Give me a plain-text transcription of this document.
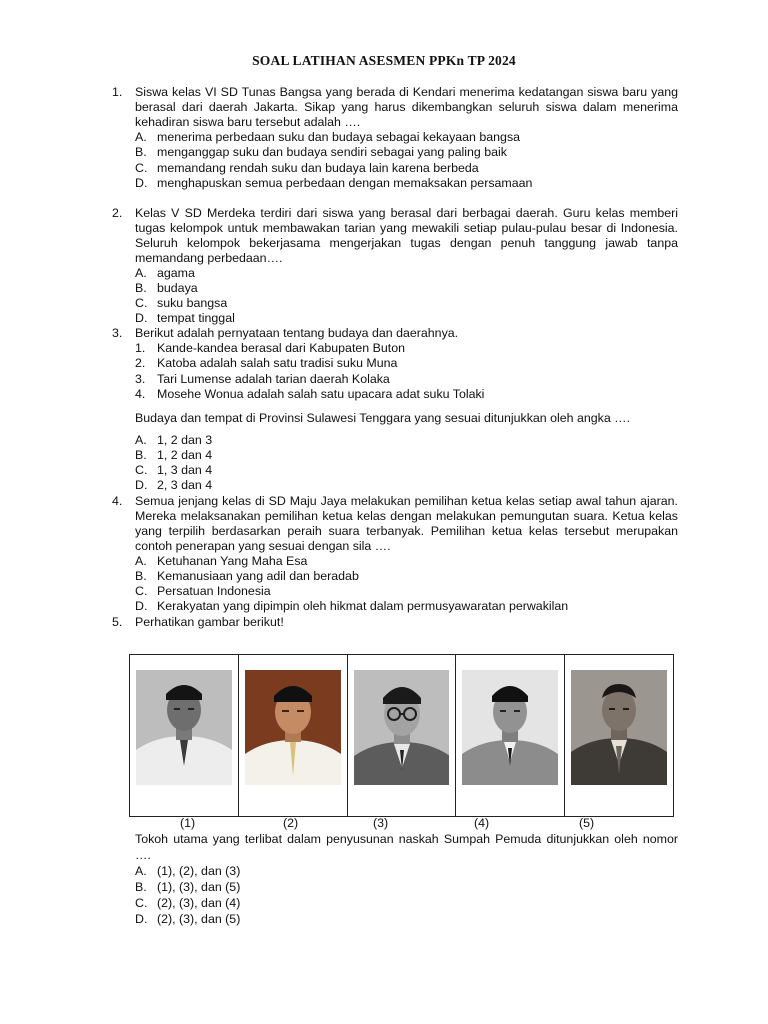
SOAL LATIHAN ASESMEN PPKn TP 2024
1. Siswa kelas VI SD Tunas Bangsa yang berada di Kendari menerima kedatangan siswa baru yang
berasal dari daerah Jakarta. Sikap yang harus dikembangkan seluruh siswa dalam menerima
kehadiran siswa baru tersebut adalah ….
A. menerima perbedaan suku dan budaya sebagai kekayaan bangsa
B. menganggap suku dan budaya sendiri sebagai yang paling baik
C. memandang rendah suku dan budaya lain karena berbeda
D. menghapuskan semua perbedaan dengan memaksakan persamaan
2. Kelas V SD Merdeka terdiri dari siswa yang berasal dari berbagai daerah. Guru kelas memberi
tugas kelompok untuk membawakan tarian yang mewakili setiap pulau-pulau besar di Indonesia.
Seluruh kelompok bekerjasama mengerjakan tugas dengan penuh tanggung jawab tanpa
memandang perbedaan….
A. agama
B. budaya
C. suku bangsa
D. tempat tinggal
3. Berikut adalah pernyataan tentang budaya dan daerahnya.
1. Kande-kandea berasal dari Kabupaten Buton
2. Katoba adalah salah satu tradisi suku Muna
3. Tari Lumense adalah tarian daerah Kolaka
4. Mosehe Wonua adalah salah satu upacara adat suku Tolaki
Budaya dan tempat di Provinsi Sulawesi Tenggara yang sesuai ditunjukkan oleh angka ….
A. 1, 2 dan 3
B. 1, 2 dan 4
C. 1, 3 dan 4
D. 2, 3 dan 4
4. Semua jenjang kelas di SD Maju Jaya melakukan pemilihan ketua kelas setiap awal tahun ajaran.
Mereka melaksanakan pemilihan ketua kelas dengan melakukan pemungutan suara. Ketua kelas
yang terpilih berdasarkan peraih suara terbanyak. Pemilihan ketua kelas tersebut merupakan
contoh penerapan yang sesuai dengan sila ….
A. Ketuhanan Yang Maha Esa
B. Kemanusiaan yang adil dan beradab
C. Persatuan Indonesia
D. Kerakyatan yang dipimpin oleh hikmat dalam permusyawaratan perwakilan
5. Perhatikan gambar berikut!
(1)	(2)	(3)	(4)	(5)
Tokoh utama yang terlibat dalam penyusunan naskah Sumpah Pemuda ditunjukkan oleh nomor
….
A. (1), (2), dan (3)
B. (1), (3), dan (5)
C. (2), (3), dan (4)
D. (2), (3), dan (5)
